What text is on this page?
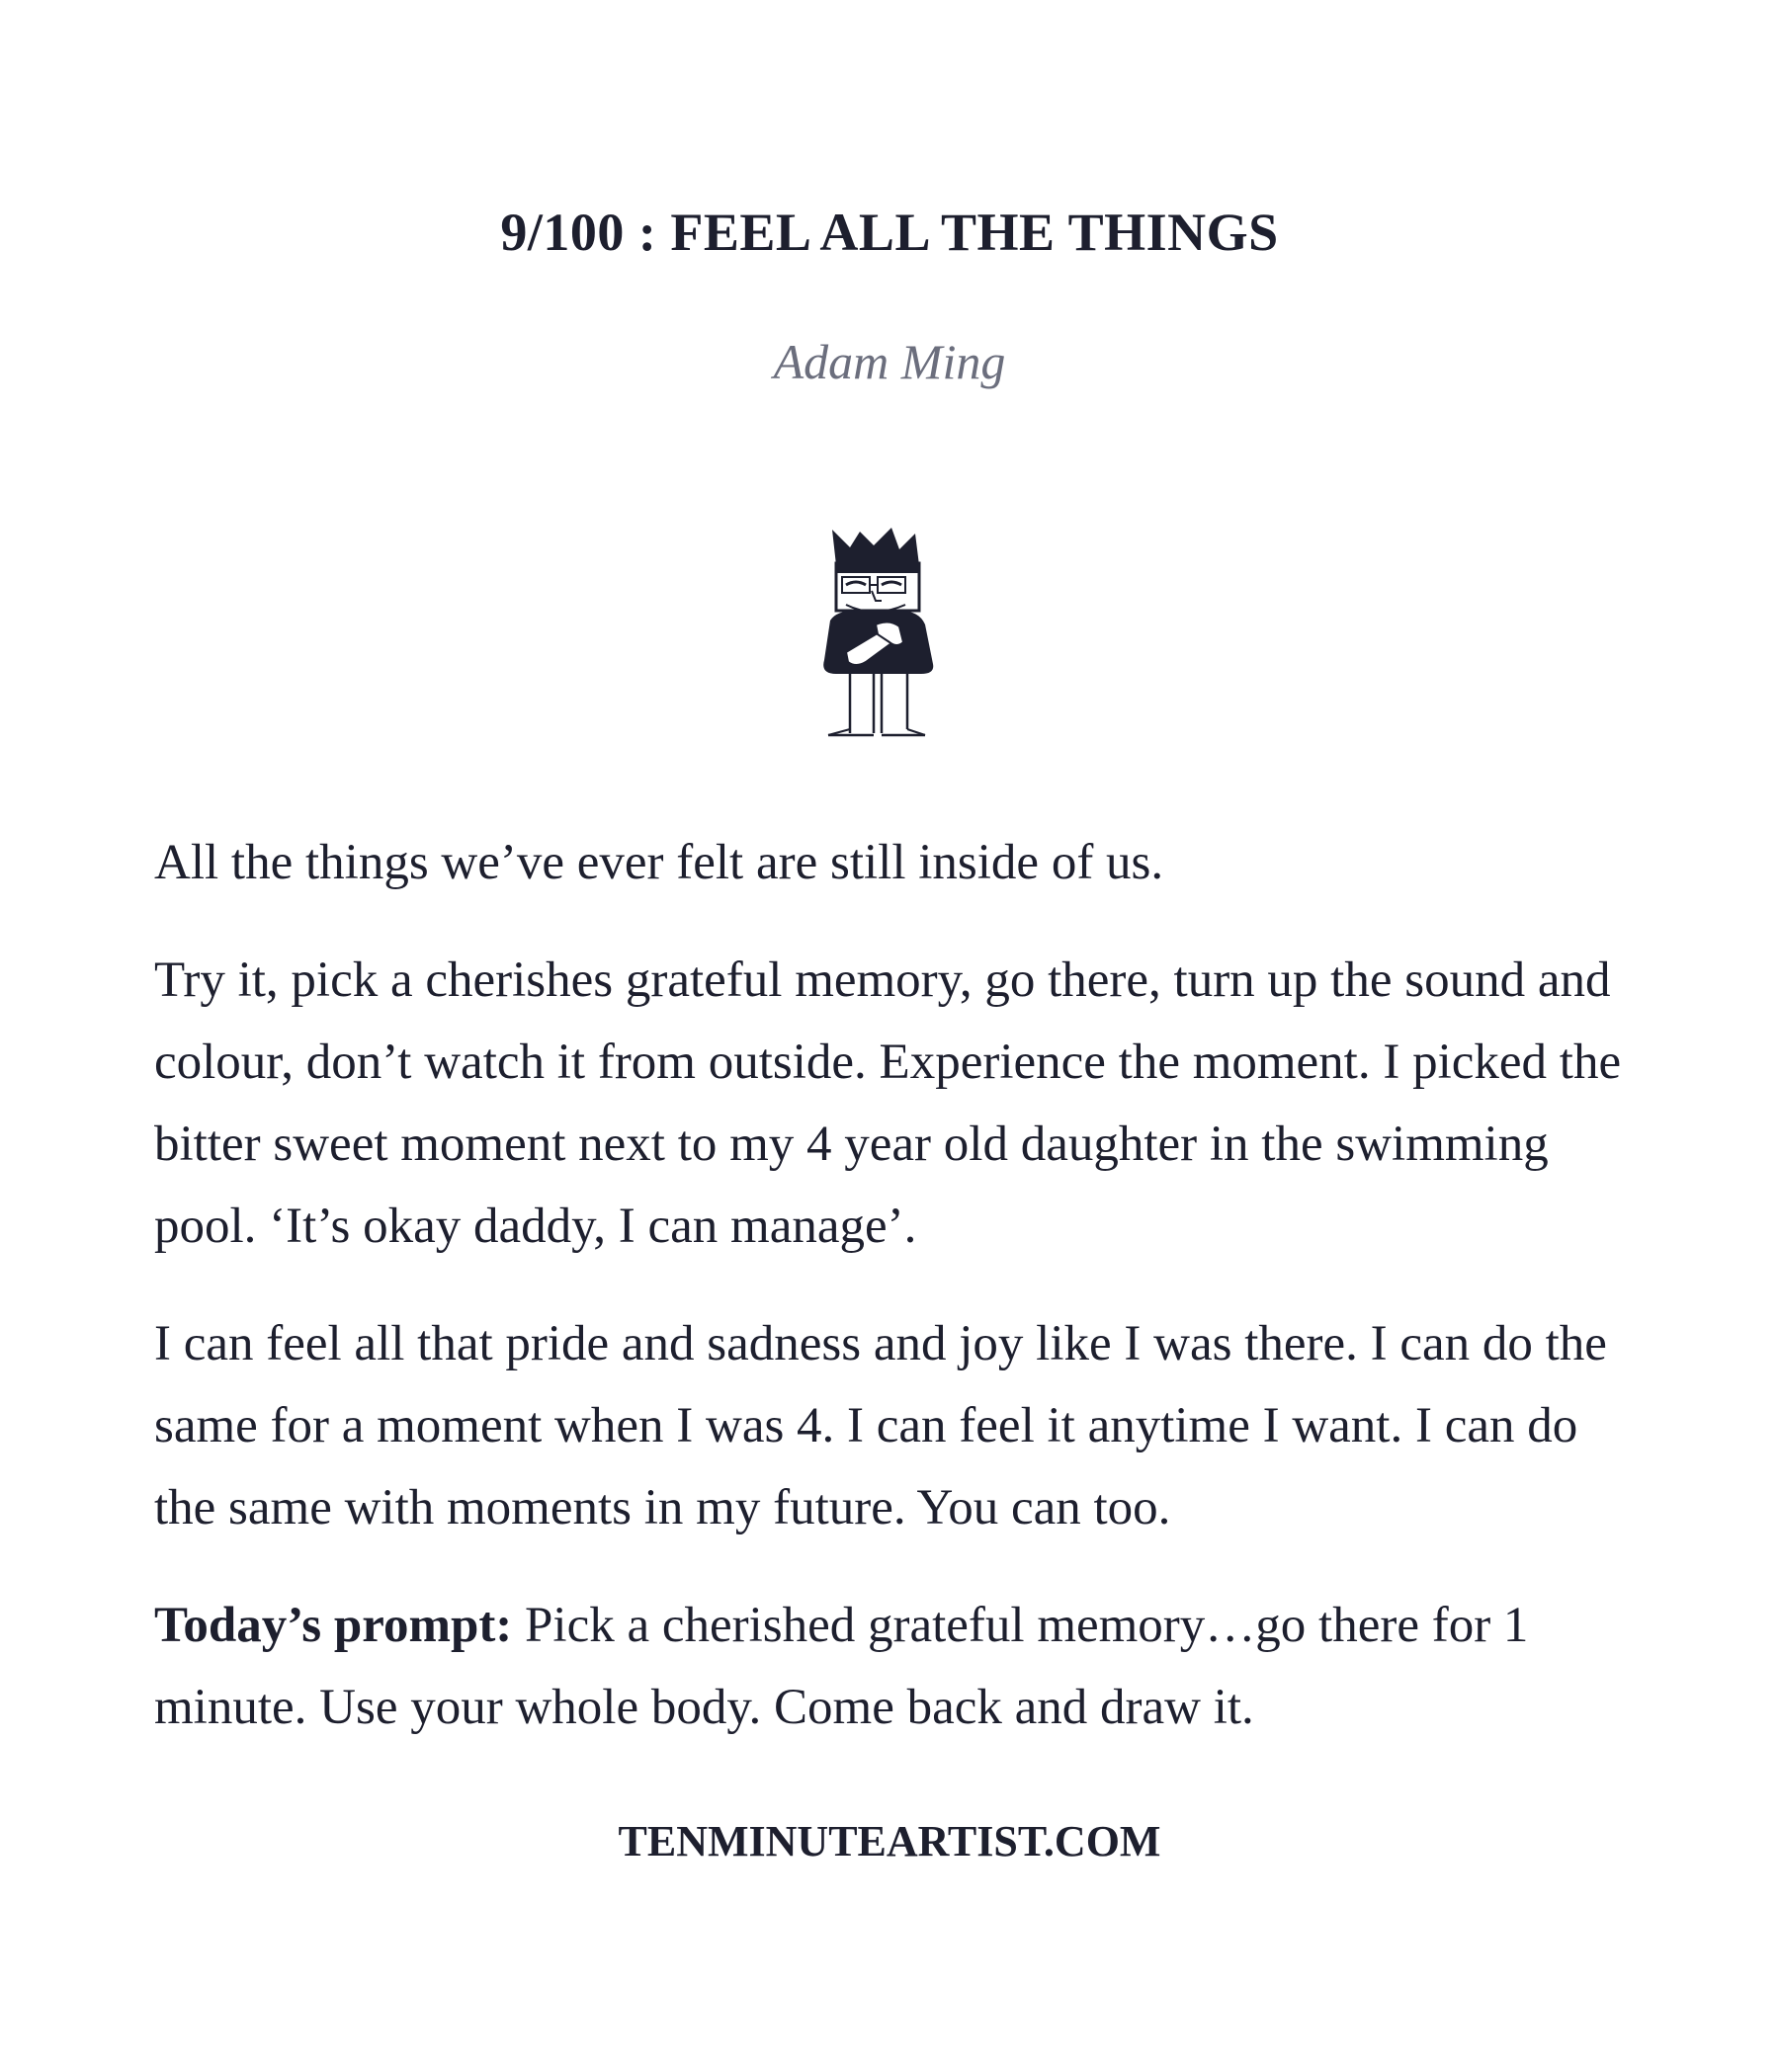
9/100 : FEEL ALL THE THINGS

Adam Ming

All the things we’ve ever felt are still inside of us.

Try it, pick a cherishes grateful memory, go there, turn up the sound and colour, don’t watch it from outside. Experience the moment. I picked the bitter sweet moment next to my 4 year old daughter in the swimming pool. ‘It’s okay daddy, I can manage’.

I can feel all that pride and sadness and joy like I was there. I can do the same for a moment when I was 4. I can feel it anytime I want. I can do the same with moments in my future. You can too.

Today’s prompt: Pick a cherished grateful memory…go there for 1 minute. Use your whole body. Come back and draw it.

TENMINUTEARTIST.COM
